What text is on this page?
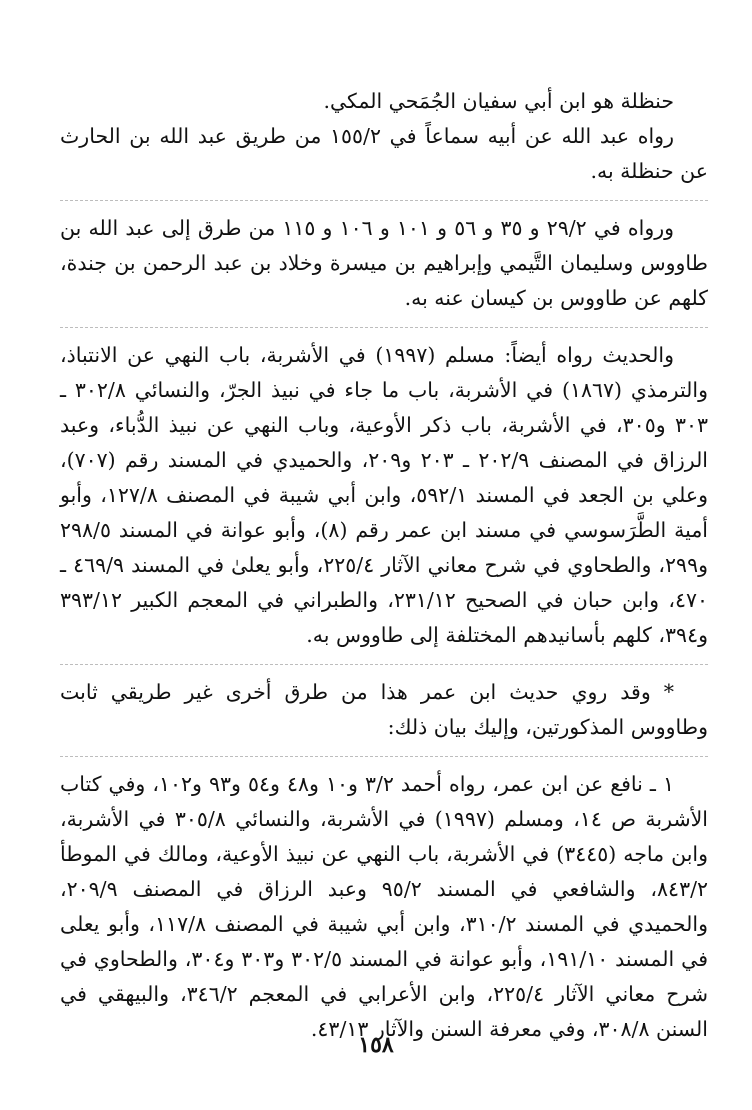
حنظلة هو ابن أبي سفيان الجُمَحي المكي.

رواه عبد الله عن أبيه سماعاً في ١٥٥/٢ من طريق عبد الله بن الحارث عن حنظلة به.

ورواه في ٢٩/٢ و ٣٥ و ٥٦ و ١٠١ و ١٠٦ و ١١٥ من طرق إلى عبد الله بن طاووس وسليمان التَّيمي وإبراهيم بن ميسرة وخلاد بن عبد الرحمن بن جندة، كلهم عن طاووس بن كيسان عنه به.

والحديث رواه أيضاً: مسلم (١٩٩٧) في الأشربة، باب النهي عن الانتباذ، والترمذي (١٨٦٧) في الأشربة، باب ما جاء في نبيذ الجرّ، والنسائي ٣٠٢/٨ ـ ٣٠٣ و٣٠٥، في الأشربة، باب ذكر الأوعية، وباب النهي عن نبيذ الدُّباء، وعبد الرزاق في المصنف ٢٠٢/٩ ـ ٢٠٣ و٢٠٩، والحميدي في المسند رقم (٧٠٧)، وعلي بن الجعد في المسند ٥٩٢/١، وابن أبي شيبة في المصنف ١٢٧/٨، وأبو أمية الطَّرَسوسي في مسند ابن عمر رقم (٨)، وأبو عوانة في المسند ٢٩٨/٥ و٢٩٩، والطحاوي في شرح معاني الآثار ٢٢٥/٤، وأبو يعلىٰ في المسند ٤٦٩/٩ ـ ٤٧٠، وابن حبان في الصحيح ٢٣١/١٢، والطبراني في المعجم الكبير ٣٩٣/١٢ و٣٩٤، كلهم بأسانيدهم المختلفة إلى طاووس به.

* وقد روي حديث ابن عمر هذا من طرق أخرى غير طريقي ثابت وطاووس المذكورتين، وإليك بيان ذلك:

١ ـ نافع عن ابن عمر، رواه أحمد ٣/٢ و١٠ و٤٨ و٥٤ و٩٣ و١٠٢، وفي كتاب الأشربة ص ١٤، ومسلم (١٩٩٧) في الأشربة، والنسائي ٣٠٥/٨ في الأشربة، وابن ماجه (٣٤٤٥) في الأشربة، باب النهي عن نبيذ الأوعية، ومالك في الموطأ ٨٤٣/٢، والشافعي في المسند ٩٥/٢ وعبد الرزاق في المصنف ٢٠٩/٩، والحميدي في المسند ٣١٠/٢، وابن أبي شيبة في المصنف ١١٧/٨، وأبو يعلى في المسند ١٩١/١٠، وأبو عوانة في المسند ٣٠٢/٥ و٣٠٣ و٣٠٤، والطحاوي في شرح معاني الآثار ٢٢٥/٤، وابن الأعرابي في المعجم ٣٤٦/٢، والبيهقي في السنن ٣٠٨/٨، وفي معرفة السنن والآثار ٤٣/١٣.

١٥٨
